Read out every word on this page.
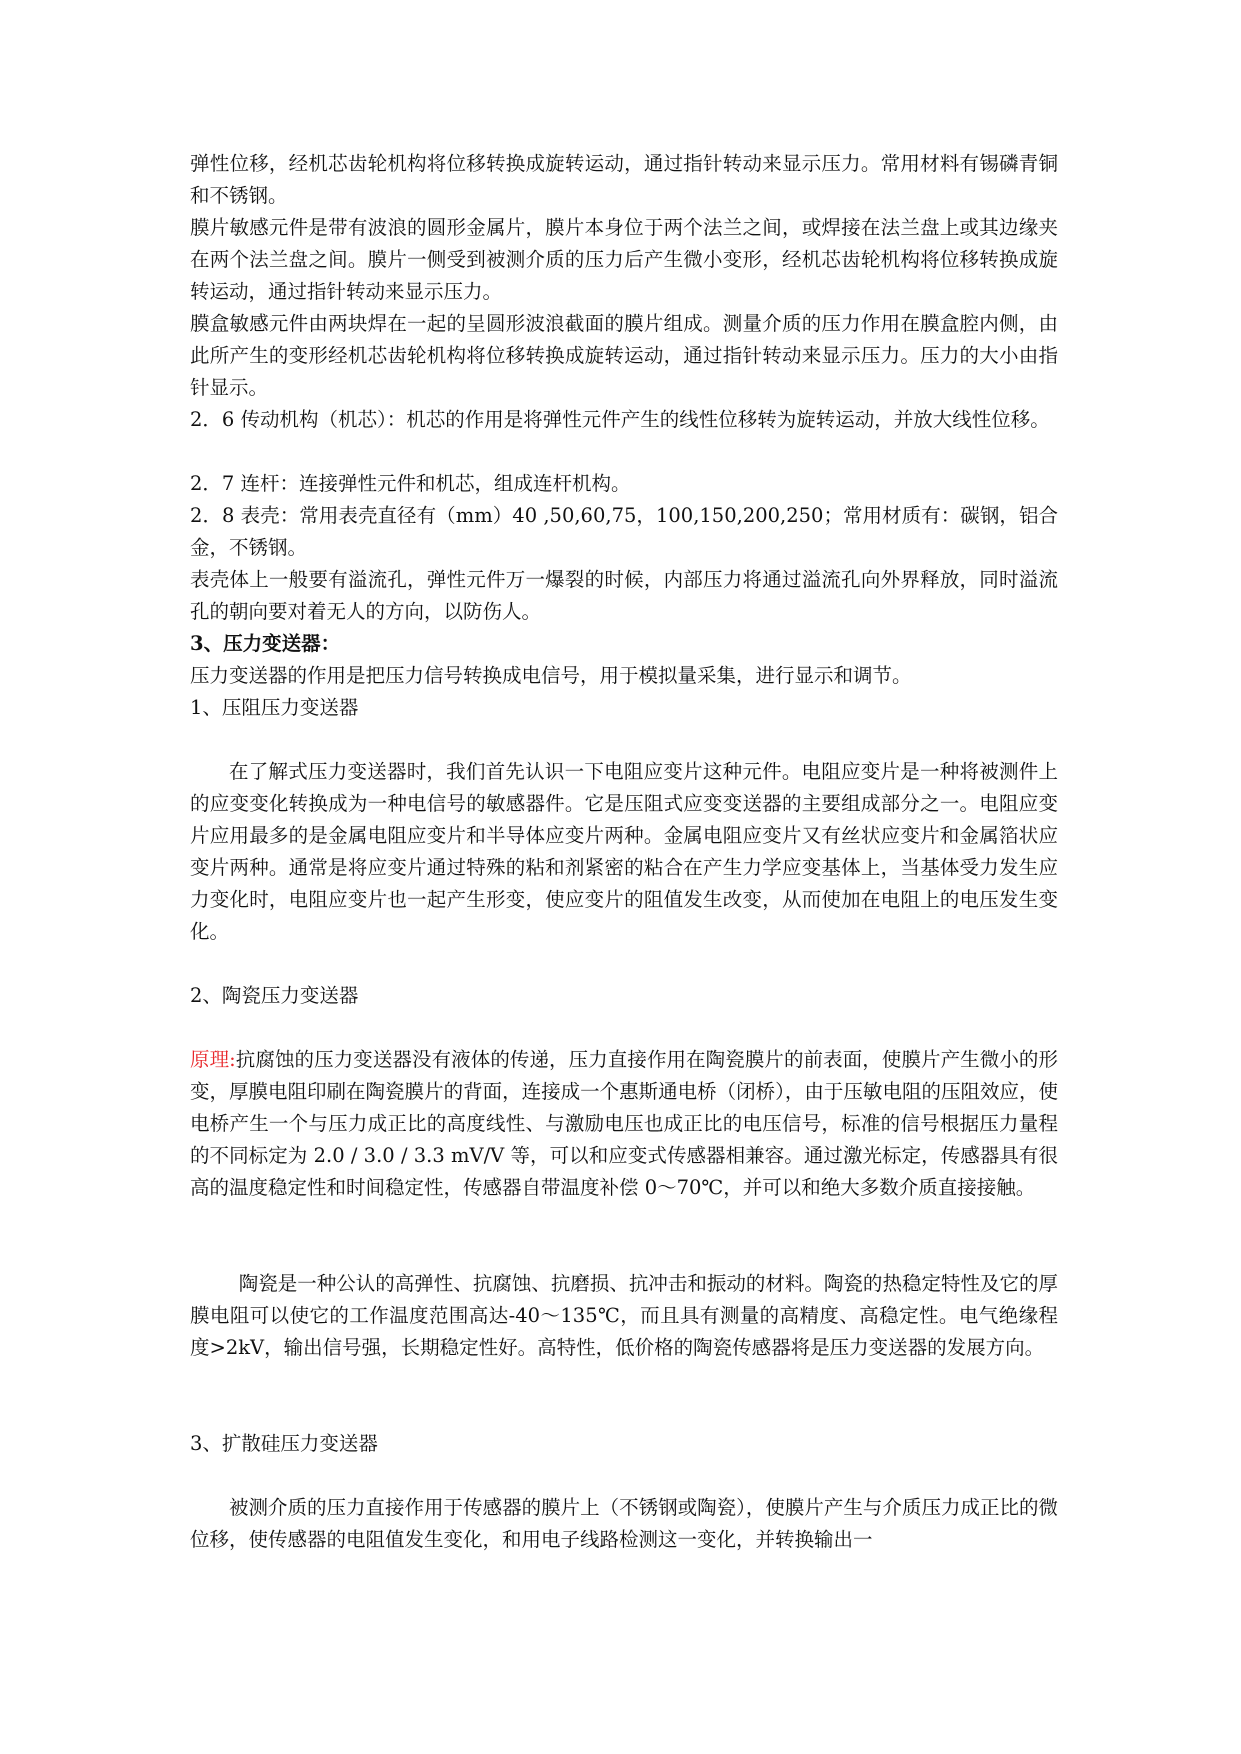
弹性位移，经机芯齿轮机构将位移转换成旋转运动，通过指针转动来显示压力。常用材料有锡磷青铜和不锈钢。

膜片敏感元件是带有波浪的圆形金属片，膜片本身位于两个法兰之间，或焊接在法兰盘上或其边缘夹在两个法兰盘之间。膜片一侧受到被测介质的压力后产生微小变形，经机芯齿轮机构将位移转换成旋转运动，通过指针转动来显示压力。

膜盒敏感元件由两块焊在一起的呈圆形波浪截面的膜片组成。测量介质的压力作用在膜盒腔内侧，由此所产生的变形经机芯齿轮机构将位移转换成旋转运动，通过指针转动来显示压力。压力的大小由指针显示。

2．6 传动机构（机芯）：机芯的作用是将弹性元件产生的线性位移转为旋转运动，并放大线性位移。

2．7 连杆：连接弹性元件和机芯，组成连杆机构。

2．8 表壳：常用表壳直径有（mm）40 ,50,60,75，100,150,200,250；常用材质有：碳钢，铝合金，不锈钢。

表壳体上一般要有溢流孔，弹性元件万一爆裂的时候，内部压力将通过溢流孔向外界释放，同时溢流孔的朝向要对着无人的方向，以防伤人。

3、压力变送器：

压力变送器的作用是把压力信号转换成电信号，用于模拟量采集，进行显示和调节。

1、压阻压力变送器

在了解式压力变送器时，我们首先认识一下电阻应变片这种元件。电阻应变片是一种将被测件上的应变变化转换成为一种电信号的敏感器件。它是压阻式应变变送器的主要组成部分之一。电阻应变片应用最多的是金属电阻应变片和半导体应变片两种。金属电阻应变片又有丝状应变片和金属箔状应变片两种。通常是将应变片通过特殊的粘和剂紧密的粘合在产生力学应变基体上，当基体受力发生应力变化时，电阻应变片也一起产生形变，使应变片的阻值发生改变，从而使加在电阻上的电压发生变化。

2、陶瓷压力变送器

原理:抗腐蚀的压力变送器没有液体的传递，压力直接作用在陶瓷膜片的前表面，使膜片产生微小的形变，厚膜电阻印刷在陶瓷膜片的背面，连接成一个惠斯通电桥（闭桥），由于压敏电阻的压阻效应，使电桥产生一个与压力成正比的高度线性、与激励电压也成正比的电压信号，标准的信号根据压力量程的不同标定为 2.0 / 3.0 / 3.3 mV/V 等，可以和应变式传感器相兼容。通过激光标定，传感器具有很高的温度稳定性和时间稳定性，传感器自带温度补偿 0～70℃，并可以和绝大多数介质直接接触。

陶瓷是一种公认的高弹性、抗腐蚀、抗磨损、抗冲击和振动的材料。陶瓷的热稳定特性及它的厚膜电阻可以使它的工作温度范围高达-40～135℃，而且具有测量的高精度、高稳定性。电气绝缘程度>2kV，输出信号强，长期稳定性好。高特性，低价格的陶瓷传感器将是压力变送器的发展方向。

3、扩散硅压力变送器

被测介质的压力直接作用于传感器的膜片上（不锈钢或陶瓷），使膜片产生与介质压力成正比的微位移，使传感器的电阻值发生变化，和用电子线路检测这一变化，并转换输出一
